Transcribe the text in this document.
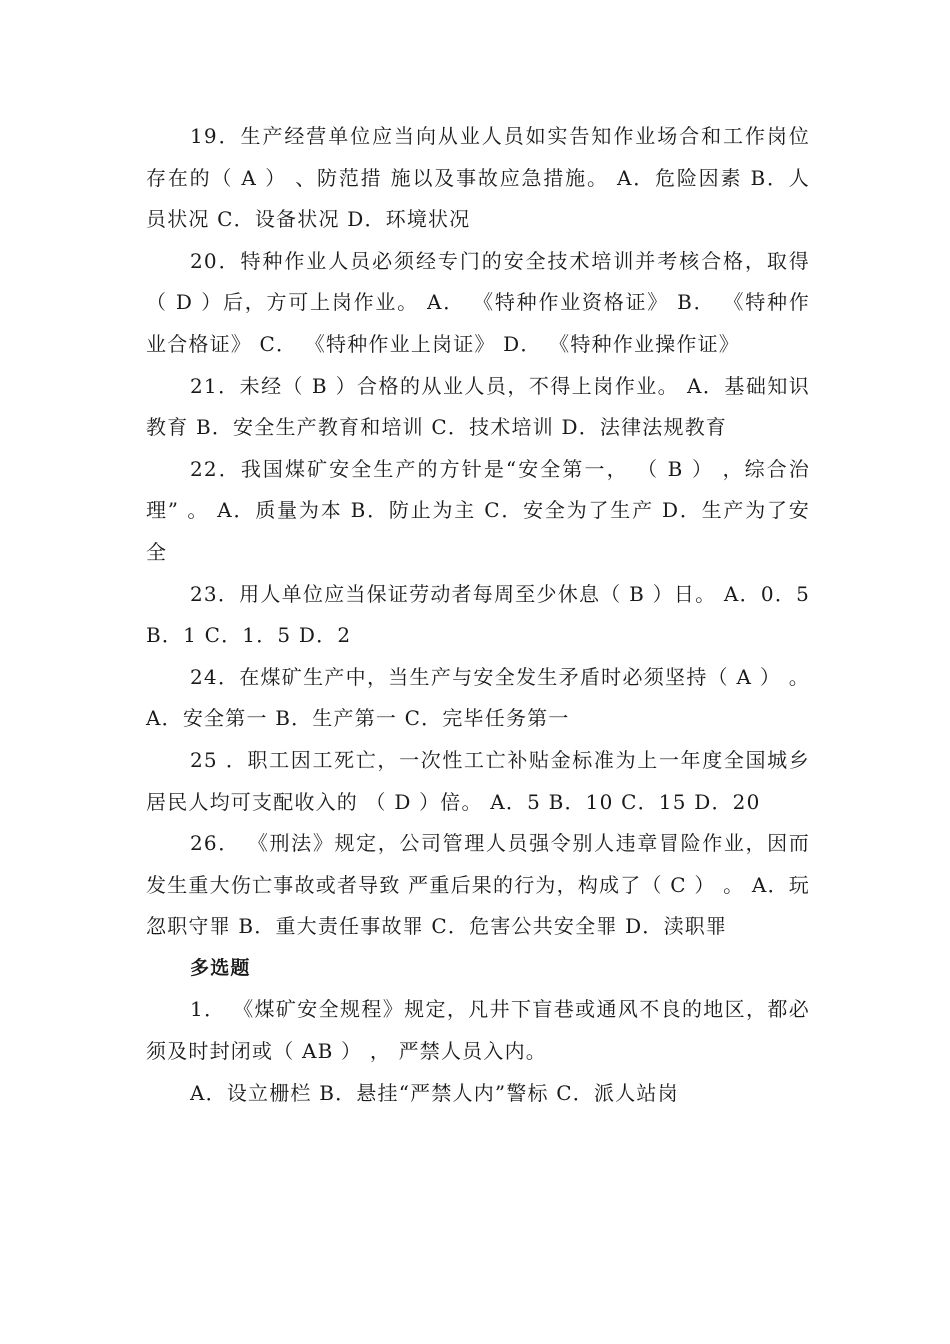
19．生产经营单位应当向从业人员如实告知作业场合和工作岗位存在的（ A ） 、防范措 施以及事故应急措施。 A．危险因素 B．人员状况 C．设备状况 D．环境状况

20．特种作业人员必须经专门的安全技术培训并考核合格，取得（ D ）后，方可上岗作业。 A． 《特种作业资格证》 B． 《特种作业合格证》 C． 《特种作业上岗证》 D． 《特种作业操作证》

21．未经（ B ）合格的从业人员，不得上岗作业。 A．基础知识教育 B．安全生产教育和培训 C．技术培训 D．法律法规教育

22．我国煤矿安全生产的方针是“安全第一， （ B ） ，综合治理” 。 A．质量为本 B．防止为主 C．安全为了生产 D．生产为了安全

23．用人单位应当保证劳动者每周至少休息（ B ）日。 A．0．5 B．1 C．1．5 D．2

24．在煤矿生产中，当生产与安全发生矛盾时必须坚持（ A ） 。 A．安全第一 B．生产第一 C．完毕任务第一

25 ．职工因工死亡，一次性工亡补贴金标准为上一年度全国城乡居民人均可支配收入的 （ D ）倍。 A．5 B．10 C．15 D．20

26． 《刑法》规定，公司管理人员强令别人违章冒险作业，因而发生重大伤亡事故或者导致 严重后果的行为，构成了（ C ） 。 A．玩忽职守罪 B．重大责任事故罪 C．危害公共安全罪 D．渎职罪

多选题

1． 《煤矿安全规程》规定，凡井下盲巷或通风不良的地区，都必须及时封闭或（ AB ） ， 严禁人员入内。

A．设立栅栏 B．悬挂“严禁人内”警标 C．派人站岗
